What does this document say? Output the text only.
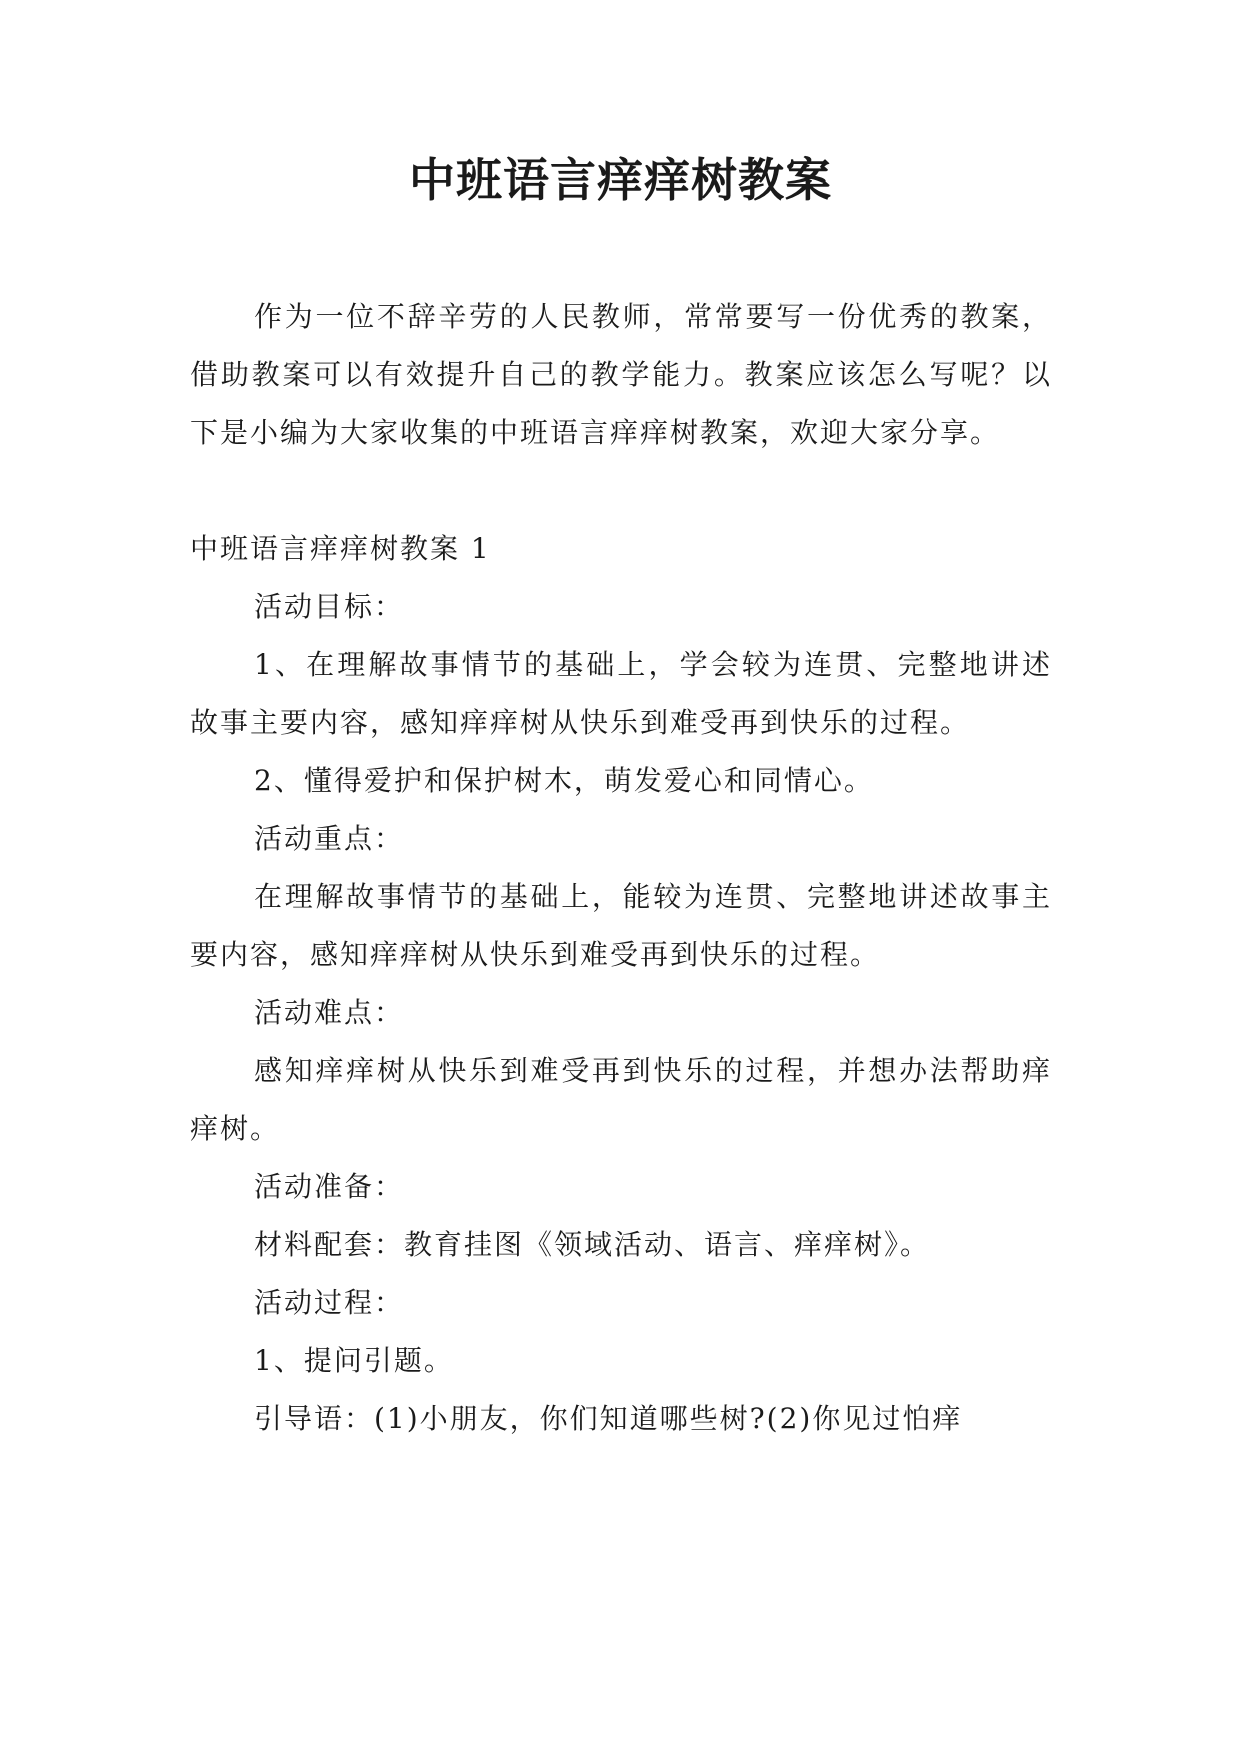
中班语言痒痒树教案

作为一位不辞辛劳的人民教师，常常要写一份优秀的教案，借助教案可以有效提升自己的教学能力。教案应该怎么写呢？以下是小编为大家收集的中班语言痒痒树教案，欢迎大家分享。

中班语言痒痒树教案 1

活动目标：

1、在理解故事情节的基础上，学会较为连贯、完整地讲述故事主要内容，感知痒痒树从快乐到难受再到快乐的过程。

2、懂得爱护和保护树木，萌发爱心和同情心。

活动重点：

在理解故事情节的基础上，能较为连贯、完整地讲述故事主要内容，感知痒痒树从快乐到难受再到快乐的过程。

活动难点：

感知痒痒树从快乐到难受再到快乐的过程，并想办法帮助痒痒树。

活动准备：

材料配套：教育挂图《领域活动、语言、痒痒树》。

活动过程：

1、提问引题。

引导语：(1)小朋友，你们知道哪些树?(2)你见过怕痒
